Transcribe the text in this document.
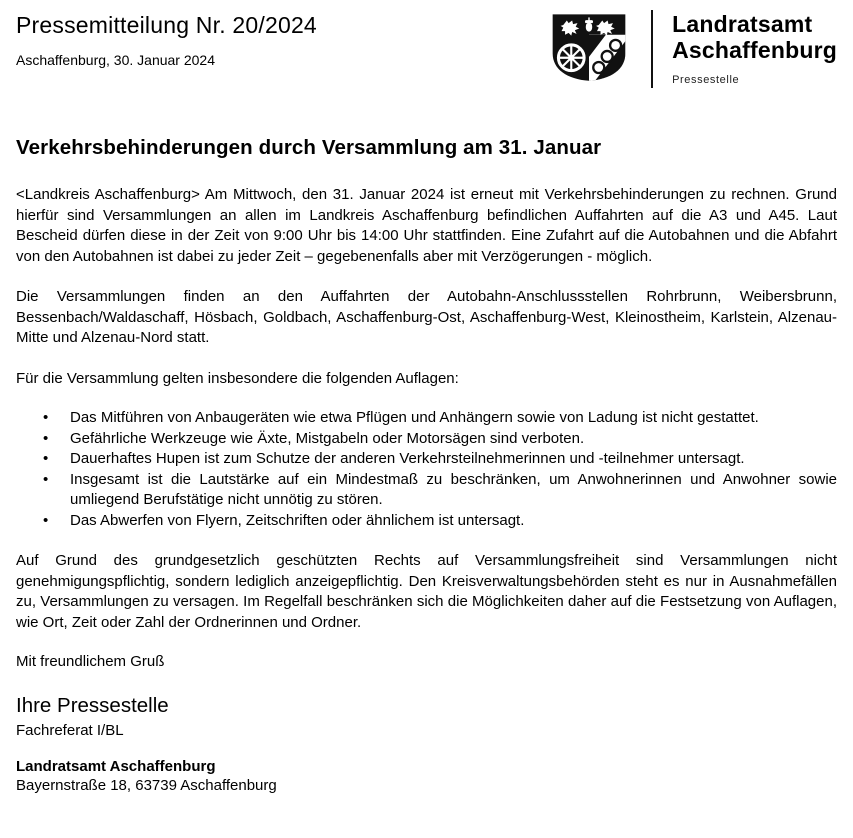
Pressemitteilung Nr. 20/2024
Aschaffenburg, 30. Januar 2024
Landratsamt
Aschaffenburg
Pressestelle
Verkehrsbehinderungen durch Versammlung am 31. Januar

<Landkreis Aschaffenburg> Am Mittwoch, den 31. Januar 2024 ist erneut mit Verkehrsbehinderungen zu rechnen. Grund hierfür sind Versammlungen an allen im Landkreis Aschaffenburg befindlichen Auffahrten auf die A3 und A45. Laut Bescheid dürfen diese in der Zeit von 9:00 Uhr bis 14:00 Uhr stattfinden. Eine Zufahrt auf die Autobahnen und die Abfahrt von den Autobahnen ist dabei zu jeder Zeit – gegebenenfalls aber mit Verzögerungen - möglich.

Die Versammlungen finden an den Auffahrten der Autobahn-Anschlussstellen Rohrbrunn, Weibersbrunn, Bessenbach/Waldaschaff, Hösbach, Goldbach, Aschaffenburg-Ost, Aschaffenburg-West, Kleinostheim, Karlstein, Alzenau-Mitte und Alzenau-Nord statt.

Für die Versammlung gelten insbesondere die folgenden Auflagen:

• Das Mitführen von Anbaugeräten wie etwa Pflügen und Anhängern sowie von Ladung ist nicht gestattet.
• Gefährliche Werkzeuge wie Äxte, Mistgabeln oder Motorsägen sind verboten.
• Dauerhaftes Hupen ist zum Schutze der anderen Verkehrsteilnehmerinnen und -teilnehmer untersagt.
• Insgesamt ist die Lautstärke auf ein Mindestmaß zu beschränken, um Anwohnerinnen und Anwohner sowie umliegend Berufstätige nicht unnötig zu stören.
• Das Abwerfen von Flyern, Zeitschriften oder ähnlichem ist untersagt.

Auf Grund des grundgesetzlich geschützten Rechts auf Versammlungsfreiheit sind Versammlungen nicht genehmigungspflichtig, sondern lediglich anzeigepflichtig. Den Kreisverwaltungsbehörden steht es nur in Ausnahmefällen zu, Versammlungen zu versagen. Im Regelfall beschränken sich die Möglichkeiten daher auf die Festsetzung von Auflagen, wie Ort, Zeit oder Zahl der Ordnerinnen und Ordner.

Mit freundlichem Gruß

Ihre Pressestelle
Fachreferat I/BL
Landratsamt Aschaffenburg
Bayernstraße 18, 63739 Aschaffenburg
